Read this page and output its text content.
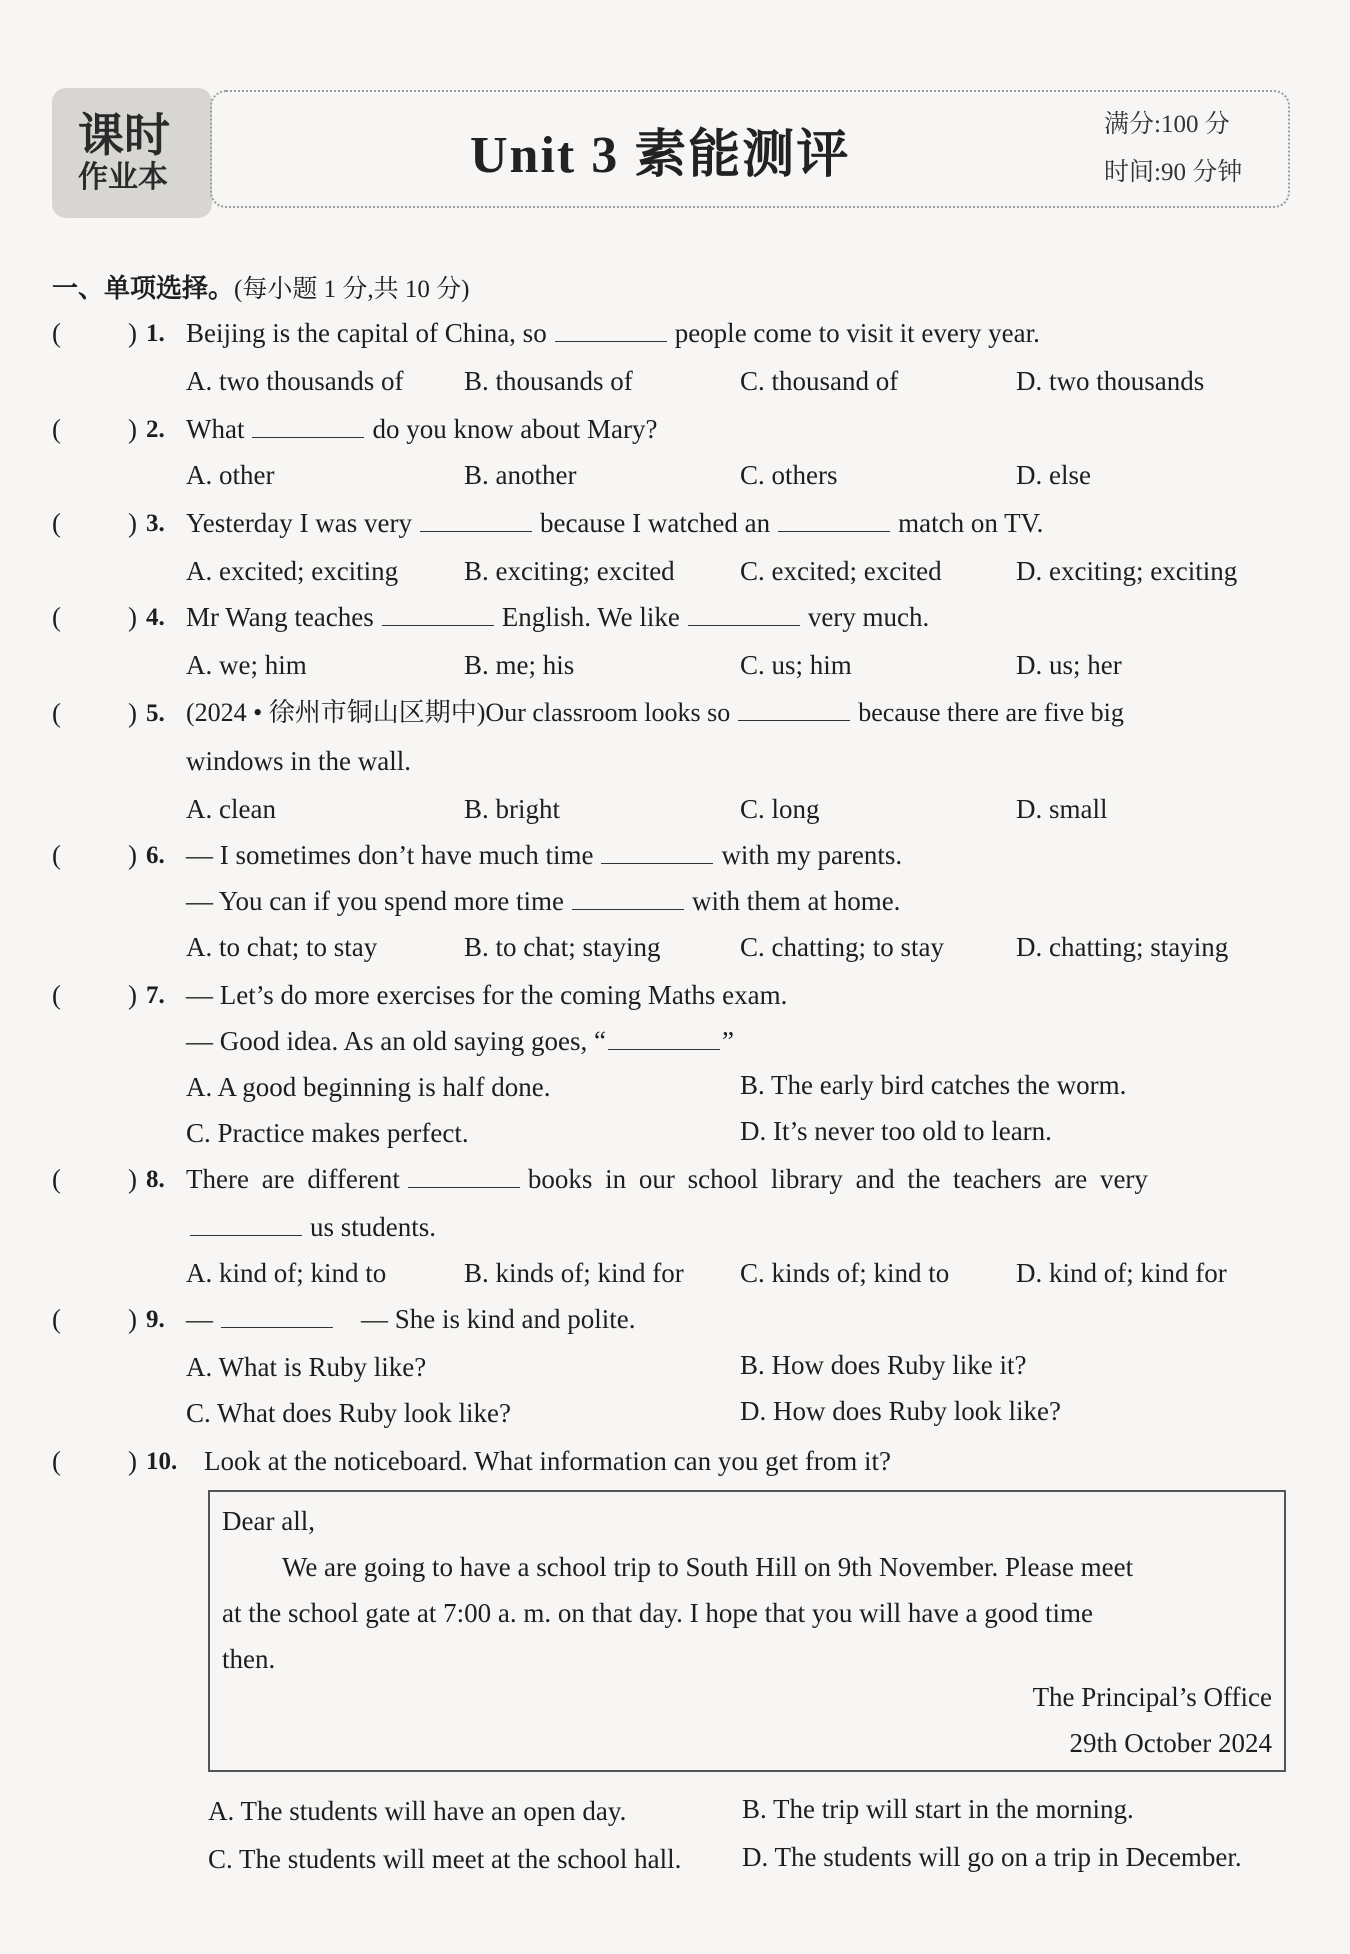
课时
作业本	Unit 3 素能测评
满分:100 分
时间:90 分钟
一、单项选择。(每小题 1 分,共 10 分)
( ) 1. Beijing is the capital of China, so	people come to visit it every year.
A. two thousands of B. thousands of	C. thousand of	D. two thousands
( ) 2. What	do you know about Mary?
A. other	B. another	C. others	D. else
( ) 3. Yesterday I was very	because I watched an	match on TV.
A. excited; exciting B. exciting; excited C. excited; excited	D. exciting; exciting
( ) 4. Mr Wang teaches	English. We like	very much.
A. we; him	B. me; his	C. us; him	D. us; her
( ) 5. (2024 • 徐州市铜山区期中)Our classroom looks so	because there are five big
windows in the wall.
A. clean	B. bright	C. long	D. small
( ) 6. — I sometimes don’t have much time	with my parents.
— You can if you spend more time	with them at home.
A. to chat; to stay	B. to chat; staying	C. chatting; to stay	D. chatting; staying
( ) 7. — Let’s do more exercises for the coming Maths exam.
— Good idea. As an old saying goes, “	”
A. A good beginning is half done.	B. The early bird catches the worm.
C. Practice makes perfect.	D. It’s never too old to learn.
( ) 8. There are different	books in our school library and the teachers are very
us students.
A. kind of; kind to	B. kinds of; kind for C. kinds of; kind to D. kind of; kind for
( ) 9. —	— She is kind and polite.
A. What is Ruby like?	B. How does Ruby like it?
C. What does Ruby look like?	D. How does Ruby look like?
( ) 10. Look at the noticeboard. What information can you get from it?
Dear all,
We are going to have a school trip to South Hill on 9th November. Please meet
at the school gate at 7:00 a. m. on that day. I hope that you will have a good time
then.
The Principal’s Office
29th October 2024
A. The students will have an open day.	B. The trip will start in the morning.
C. The students will meet at the school hall. D. The students will go on a trip in December.
